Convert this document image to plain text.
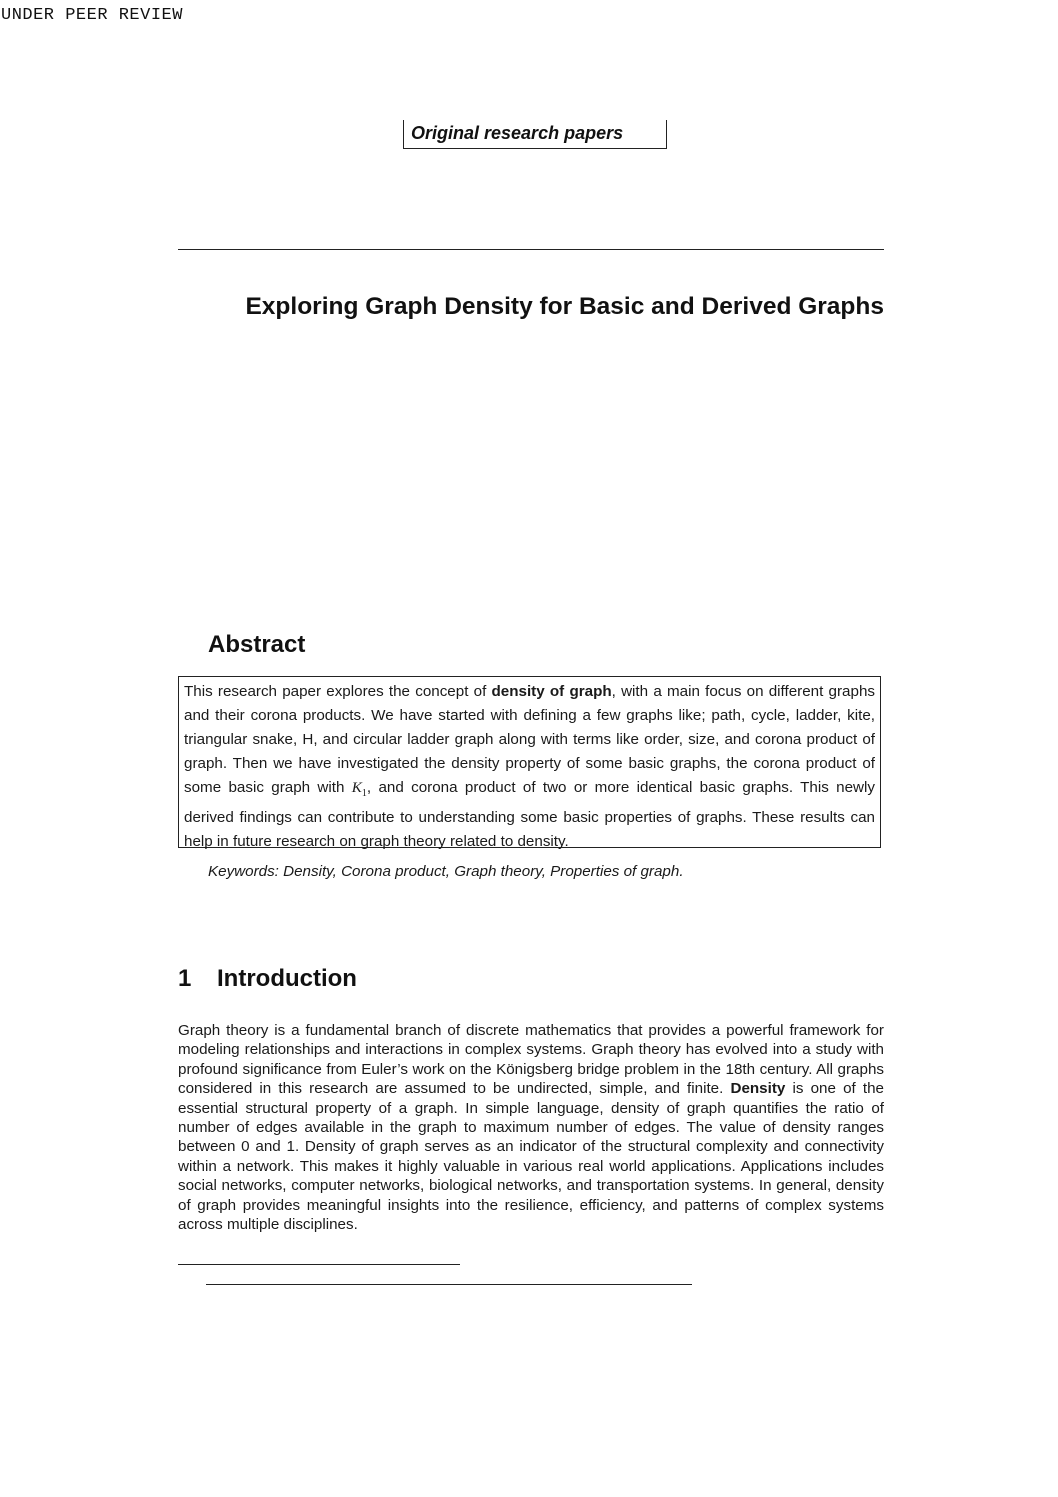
UNDER PEER REVIEW
Original research papers
Exploring Graph Density for Basic and Derived Graphs
Abstract
This research paper explores the concept of density of graph, with a main focus on different graphs and their corona products. We have started with defining a few graphs like; path, cycle, ladder, kite, triangular snake, H, and circular ladder graph along with terms like order, size, and corona product of graph. Then we have investigated the density property of some basic graphs, the corona product of some basic graph with $K_1$, and corona product of two or more identical basic graphs. This newly derived findings can contribute to understanding some basic properties of graphs. These results can help in future research on graph theory related to density.
Keywords: Density, Corona product, Graph theory, Properties of graph.
1 Introduction
Graph theory is a fundamental branch of discrete mathematics that provides a powerful framework for modeling relationships and interactions in complex systems. Graph theory has evolved into a study with profound significance from Euler’s work on the Königsberg bridge problem in the 18th century. All graphs considered in this research are assumed to be undirected, simple, and finite. Density is one of the essential structural property of a graph. In simple language, density of graph quantifies the ratio of number of edges available in the graph to maximum number of edges. The value of density ranges between 0 and 1. Density of graph serves as an indicator of the structural complexity and connectivity within a network. This makes it highly valuable in various real world applications. Applications includes social networks, computer networks, biological networks, and transportation systems. In general, density of graph provides meaningful insights into the resilience, efficiency, and patterns of complex systems across multiple disciplines.
